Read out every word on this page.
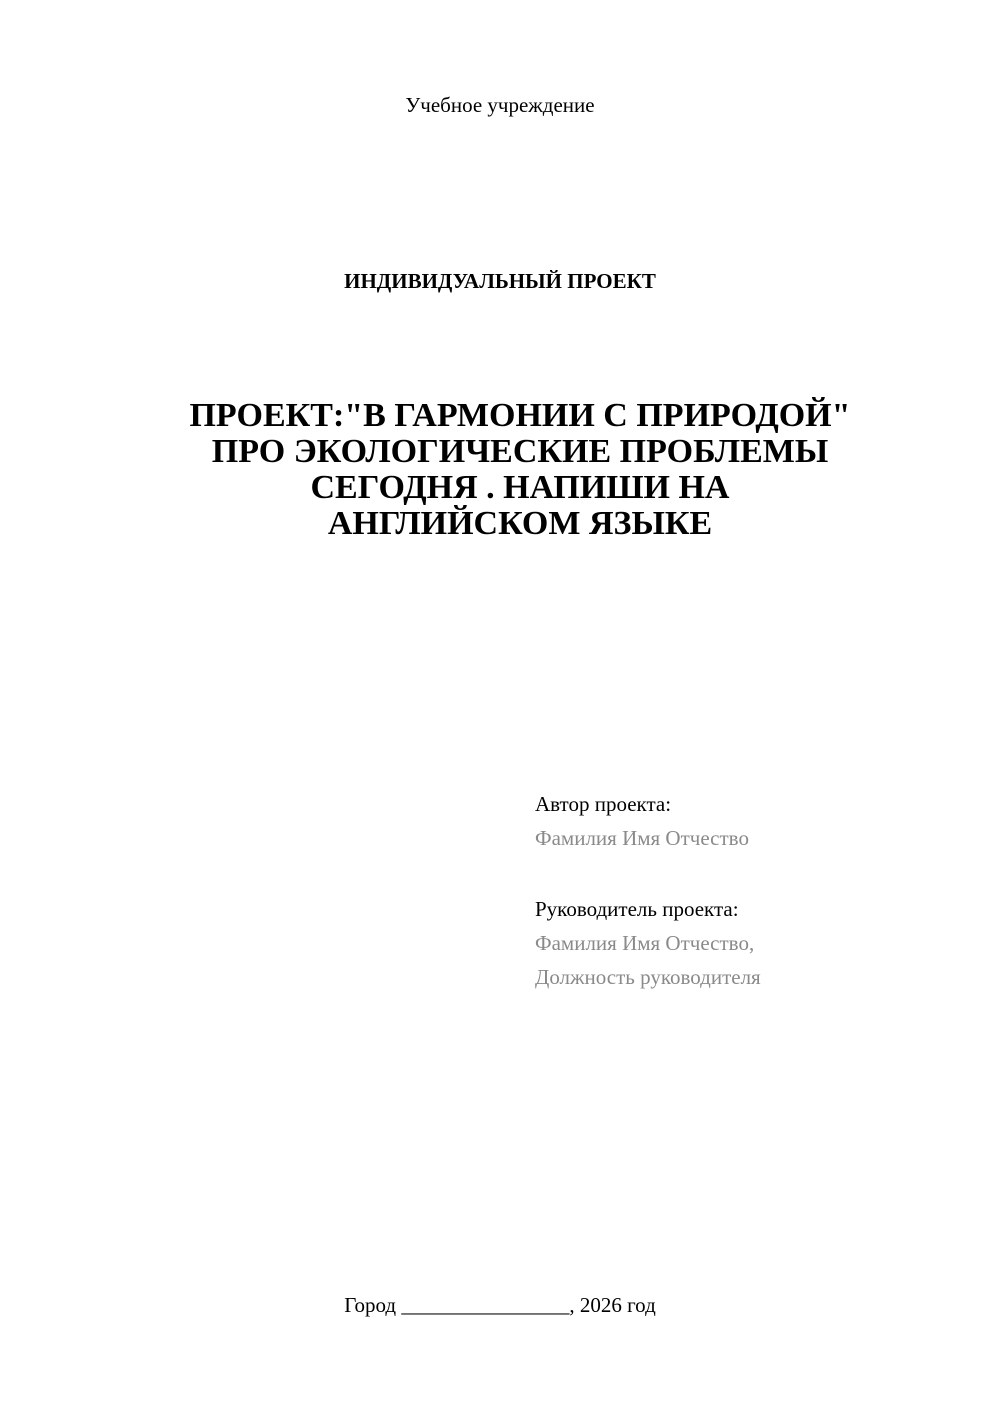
Учебное учреждение
ИНДИВИДУАЛЬНЫЙ ПРОЕКТ
ПРОЕКТ:"В ГАРМОНИИ С ПРИРОДОЙ"
ПРО ЭКОЛОГИЧЕСКИЕ ПРОБЛЕМЫ
СЕГОДНЯ . НАПИШИ НА
АНГЛИЙСКОМ ЯЗЫКЕ
Автор проекта:
Фамилия Имя Отчество
Руководитель проекта:
Фамилия Имя Отчество,
Должность руководителя
Город ________________, 2026 год
